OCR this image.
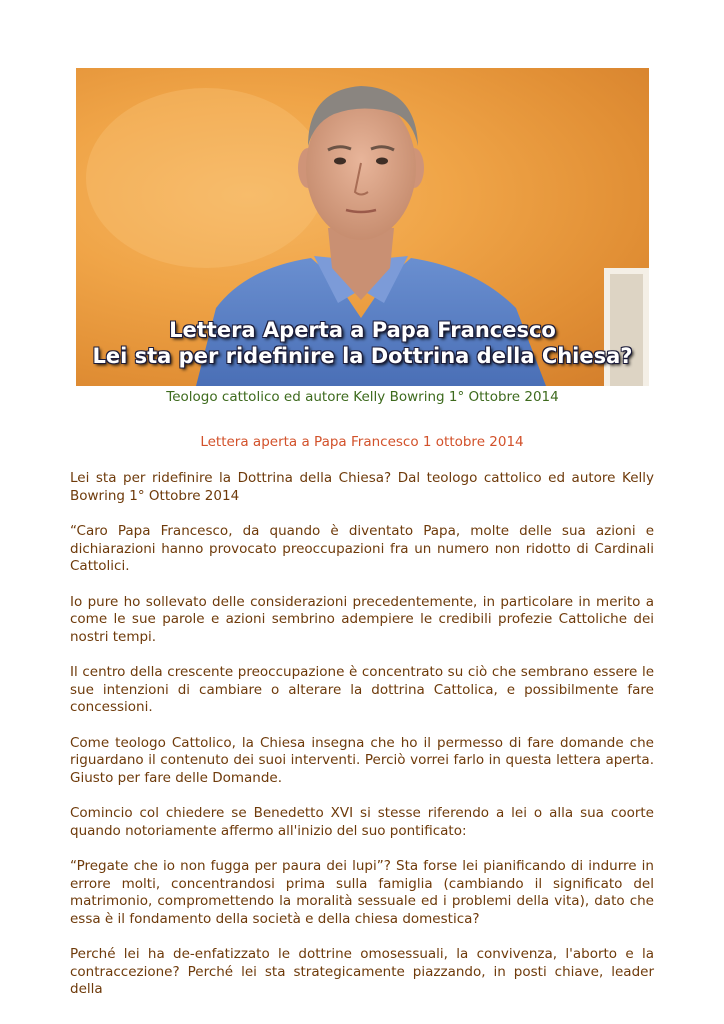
Lettera Aperta a Papa Francesco
Lei sta per ridefinire la Dottrina della Chiesa?
Teologo cattolico ed autore Kelly Bowring 1° Ottobre 2014
Lettera aperta a Papa Francesco 1 ottobre 2014

Lei sta per ridefinire la Dottrina della Chiesa? Dal teologo cattolico ed autore Kelly Bowring 1° Ottobre 2014

“Caro Papa Francesco, da quando è diventato Papa, molte delle sua azioni e dichiarazioni hanno provocato preoccupazioni fra un numero non ridotto di Cardinali Cattolici.

Io pure ho sollevato delle considerazioni precedentemente, in particolare in merito a come le sue parole e azioni sembrino adempiere le credibili profezie Cattoliche dei nostri tempi.

Il centro della crescente preoccupazione è concentrato su ciò che sembrano essere le sue intenzioni di cambiare o alterare la dottrina Cattolica, e possibilmente fare concessioni.

Come teologo Cattolico, la Chiesa insegna che ho il permesso di fare domande che riguardano il contenuto dei suoi interventi. Perciò vorrei farlo in questa lettera aperta. Giusto per fare delle Domande.

Comincio col chiedere se Benedetto XVI si stesse riferendo a lei o alla sua coorte quando notoriamente affermo all'inizio del suo pontificato:

“Pregate che io non fugga per paura dei lupi”? Sta forse lei pianificando di indurre in errore molti, concentrandosi prima sulla famiglia (cambiando il significato del matrimonio, compromettendo la moralità sessuale ed i problemi della vita), dato che essa è il fondamento della società e della chiesa domestica?

Perché lei ha de-enfatizzato le dottrine omosessuali, la convivenza, l'aborto e la contraccezione? Perché lei sta strategicamente piazzando, in posti chiave, leader della
